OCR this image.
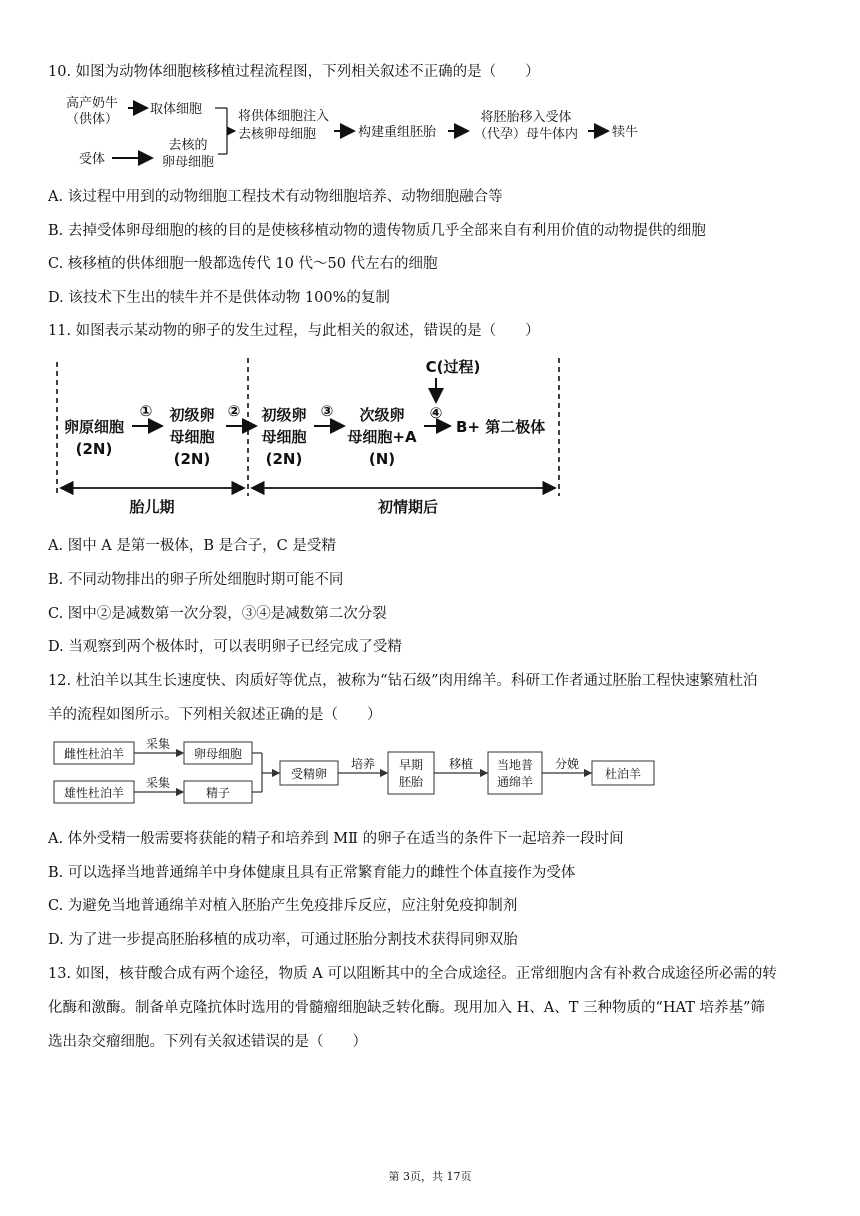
10. 如图为动物体细胞核移植过程流程图，下列相关叙述不正确的是（　　）
高产奶牛
（供体）
取体细胞
受体
去核的
卵母细胞
将供体细胞注入
去核卵母细胞	构建重组胚胎
将胚胎移入受体
（代孕）母牛体内	犊牛
A. 该过程中用到的动物细胞工程技术有动物细胞培养、动物细胞融合等
B. 去掉受体卵母细胞的核的目的是使核移植动物的遗传物质几乎全部来自有利用价值的动物提供的细胞
C. 核移植的供体细胞一般都选传代 10 代～50 代左右的细胞
D. 该技术下生出的犊牛并不是供体动物 100%的复制
11. 如图表示某动物的卵子的发生过程，与此相关的叙述，错误的是（　　）
C(过程)
卵原细胞
(2N)
① 初级卵
母细胞
(2N)
② 初级卵
母细胞
(2N)
③ 次级卵
母细胞+A
(N)
④
B+ 第二极体
胎儿期	初情期后
A. 图中 A 是第一极体，B 是合子，C 是受精
B. 不同动物排出的卵子所处细胞时期可能不同
C. 图中②是减数第一次分裂，③④是减数第二次分裂
D. 当观察到两个极体时，可以表明卵子已经完成了受精
12. 杜泊羊以其生长速度快、肉质好等优点，被称为“钻石级”肉用绵羊。科研工作者通过胚胎工程快速繁殖杜泊
羊的流程如图所示。下列相关叙述正确的是（　　）
雌性杜泊羊
雄性杜泊羊
采集
采集
卵母细胞
精子
受精卵
培养 早期
胚胎
移植 当地普
通绵羊
分娩
杜泊羊
A. 体外受精一般需要将获能的精子和培养到 MⅡ 的卵子在适当的条件下一起培养一段时间
B. 可以选择当地普通绵羊中身体健康且具有正常繁育能力的雌性个体直接作为受体
C. 为避免当地普通绵羊对植入胚胎产生免疫排斥反应，应注射免疫抑制剂
D. 为了进一步提高胚胎移植的成功率，可通过胚胎分割技术获得同卵双胎
13. 如图，核苷酸合成有两个途径，物质 A 可以阻断其中的全合成途径。正常细胞内含有补救合成途径所必需的转
化酶和激酶。制备单克隆抗体时选用的骨髓瘤细胞缺乏转化酶。现用加入 H、A、T 三种物质的“HAT 培养基”筛
选出杂交瘤细胞。下列有关叙述错误的是（　　）
第 3页，共 17页
